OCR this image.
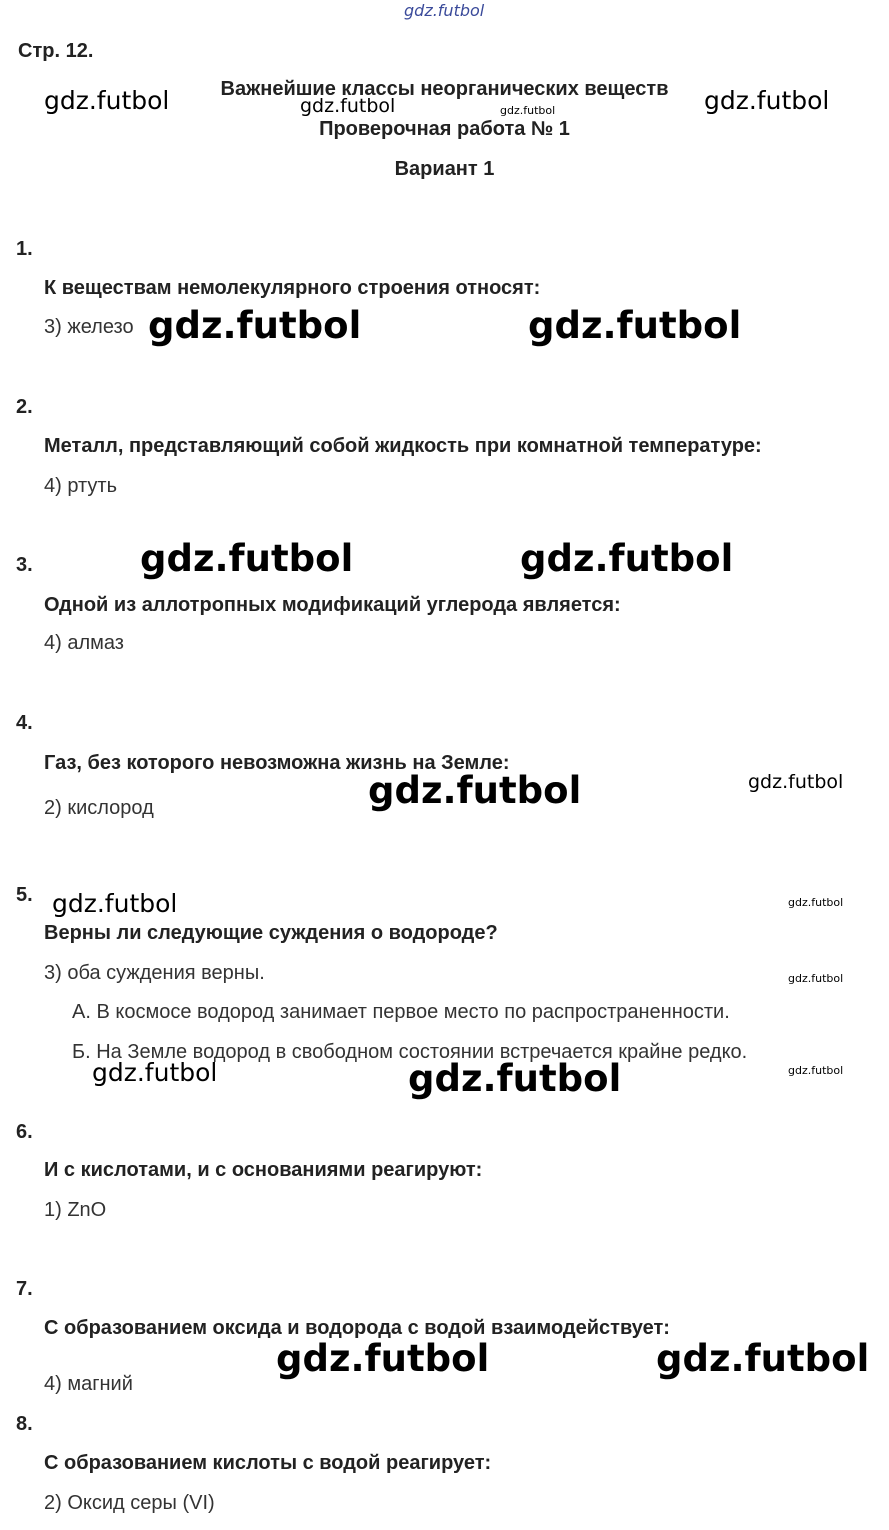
Стр. 12.
Важнейшие классы неорганических веществ
Проверочная работа № 1
Вариант 1
1.
К веществам немолекулярного строения относят:
3) железо
2.
Металл, представляющий собой жидкость при комнатной температуре:
4) ртуть
3.
Одной из аллотропных модификаций углерода является:
4) алмаз
4.
Газ, без которого невозможна жизнь на Земле:
2) кислород
5.
Верны ли следующие суждения о водороде?
3) оба суждения верны.
А. В космосе водород занимает первое место по распространенности.
Б. На Земле водород в свободном состоянии встречается крайне редко.
6.
И с кислотами, и с основаниями реагируют:
1) ZnO
7.
С образованием оксида и водорода с водой взаимодействует:
4) магний
8.
С образованием кислоты с водой реагирует:
2) Оксид серы (VI)
gdz.futbol
gdz.futbol	gdz.futbol
gdz.futbol	gdz.futbol
gdz.futbol	gdz.futbol
gdz.futbol	gdz.futbol
gdz.futbol	gdz.futbol
gdz.futbol	gdz.futbol
gdz.futbol
gdz.futbol	gdz.futbol	gdz.futbol
gdz.futbol	gdz.futbol
